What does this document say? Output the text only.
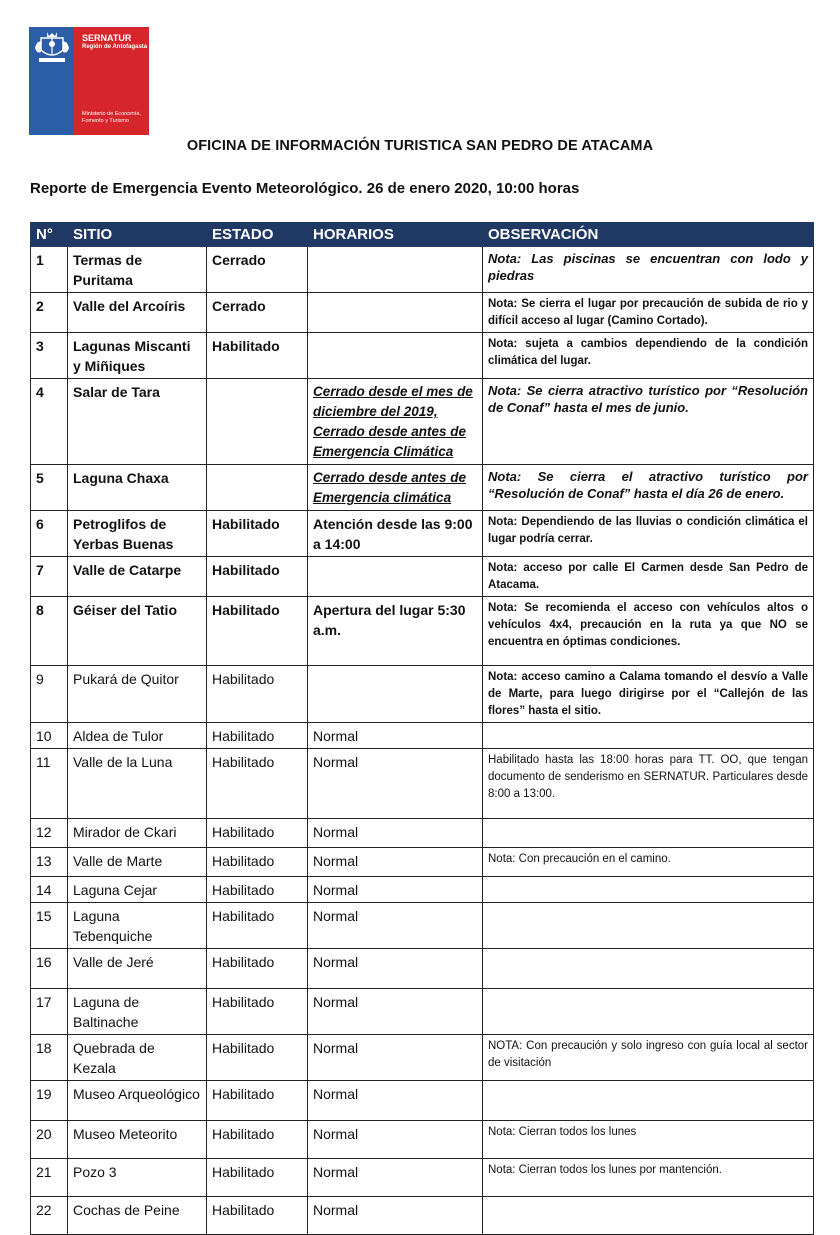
SERNATUR
Región de Antofagasta
Ministerio de Economía, Fomento y Turismo
OFICINA DE INFORMACIÓN TURISTICA SAN PEDRO DE ATACAMA
Reporte de Emergencia Evento Meteorológico. 26 de enero 2020, 10:00 horas
N°	SITIO	ESTADO	HORARIOS	OBSERVACIÓN
1	Termas de Puritama	Cerrado		Nota: Las piscinas se encuentran con lodo y piedras
2	Valle del Arcoíris	Cerrado		Nota: Se cierra el lugar por precaución de subida de rio y difícil acceso al lugar (Camino Cortado).
3	Lagunas Miscanti y Miñiques	Habilitado		Nota: sujeta a cambios dependiendo de la condición climática del lugar.
4	Salar de Tara		Cerrado desde el mes de diciembre del 2019, Cerrado desde antes de Emergencia Climática	Nota: Se cierra atractivo turístico por “Resolución de Conaf” hasta el mes de junio.
5	Laguna Chaxa		Cerrado desde antes de Emergencia climática	Nota: Se cierra el atractivo turístico por “Resolución de Conaf” hasta el día 26 de enero.
6	Petroglifos de Yerbas Buenas	Habilitado	Atención desde las 9:00 a 14:00	Nota: Dependiendo de las lluvias o condición climática el lugar podría cerrar.
7	Valle de Catarpe	Habilitado		Nota: acceso por calle El Carmen desde San Pedro de Atacama.
8	Géiser del Tatio	Habilitado	Apertura del lugar 5:30 a.m.	Nota: Se recomienda el acceso con vehículos altos o vehículos 4x4, precaución en la ruta ya que NO se encuentra en óptimas condiciones.
9	Pukará de Quitor	Habilitado		Nota: acceso camino a Calama tomando el desvío a Valle de Marte, para luego dirigirse por el “Callejón de las flores” hasta el sitio.
10	Aldea de Tulor	Habilitado	Normal	
11	Valle de la Luna	Habilitado	Normal	Habilitado hasta las 18:00 horas para TT. OO, que tengan documento de senderismo en SERNATUR. Particulares desde 8:00 a 13:00.
12	Mirador de Ckari	Habilitado	Normal	
13	Valle de Marte	Habilitado	Normal	Nota: Con precaución en el camino.
14	Laguna Cejar	Habilitado	Normal	
15	Laguna Tebenquiche	Habilitado	Normal	
16	Valle de Jeré	Habilitado	Normal	
17	Laguna de Baltinache	Habilitado	Normal	
18	Quebrada de Kezala	Habilitado	Normal	NOTA: Con precaución y solo ingreso con guía local al sector de visitación
19	Museo Arqueológico	Habilitado	Normal	
20	Museo Meteorito	Habilitado	Normal	Nota: Cierran todos los lunes
21	Pozo 3	Habilitado	Normal	Nota: Cierran todos los lunes por mantención.
22	Cochas de Peine	Habilitado	Normal	
